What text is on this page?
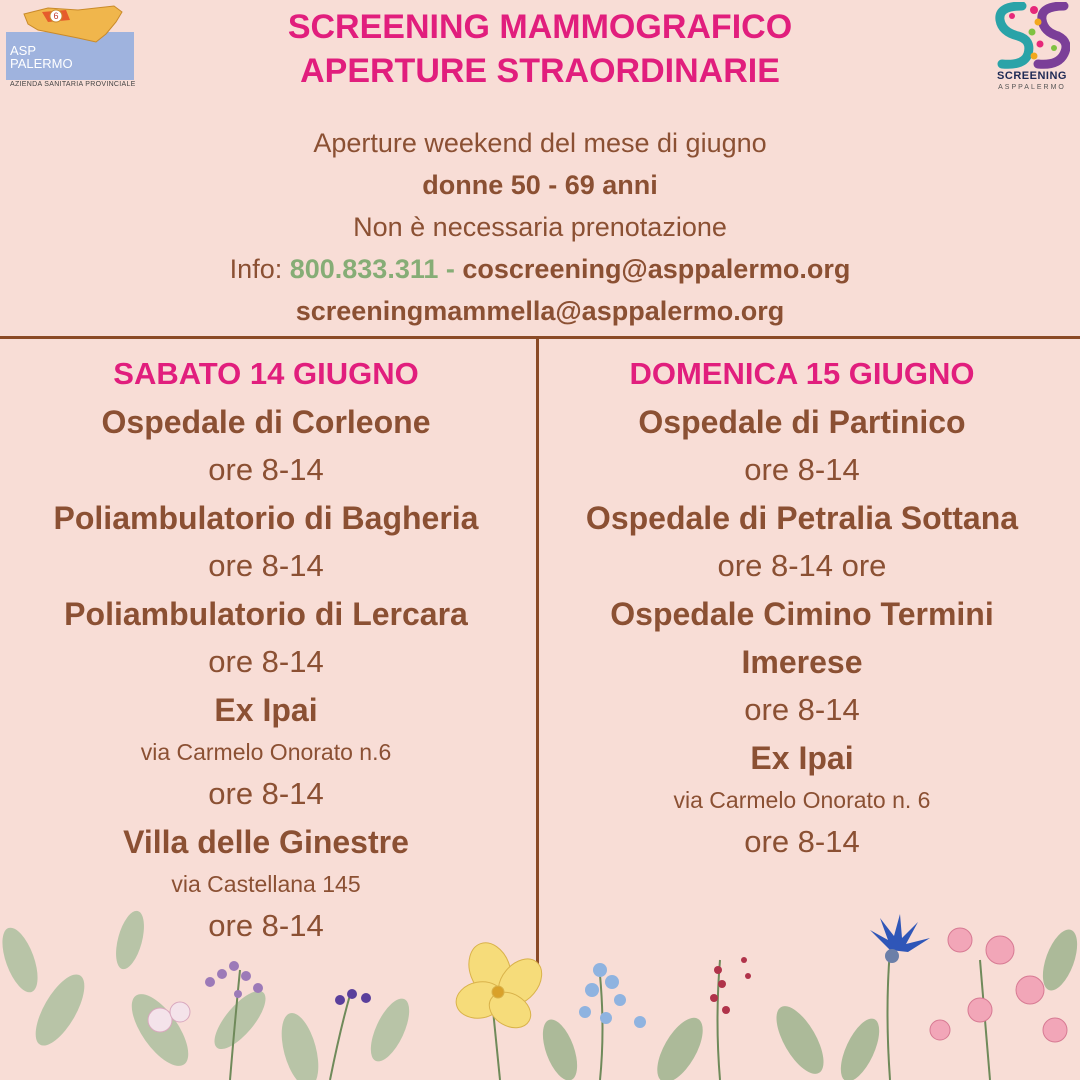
6
ASP
PALERMO
AZIENDA SANITARIA PROVINCIALE
SCREENING
ASPPALERMO
SCREENING MAMMOGRAFICO
APERTURE STRAORDINARIE
Aperture weekend del mese di giugno
donne 50 - 69 anni
Non è necessaria prenotazione
Info: 800.833.311 - coscreening@asppalermo.org
screeningmammella@asppalermo.org
SABATO 14 GIUGNO
Ospedale di Corleone
ore 8-14
Poliambulatorio di Bagheria
ore 8-14
Poliambulatorio di Lercara
ore 8-14
Ex Ipai
via Carmelo Onorato n.6
ore 8-14
Villa delle Ginestre
via Castellana 145
ore 8-14
DOMENICA 15 GIUGNO
Ospedale di Partinico
ore 8-14
Ospedale di Petralia Sottana
ore 8-14 ore
Ospedale Cimino Termini
Imerese
ore 8-14
Ex Ipai
via Carmelo Onorato n. 6
ore 8-14
